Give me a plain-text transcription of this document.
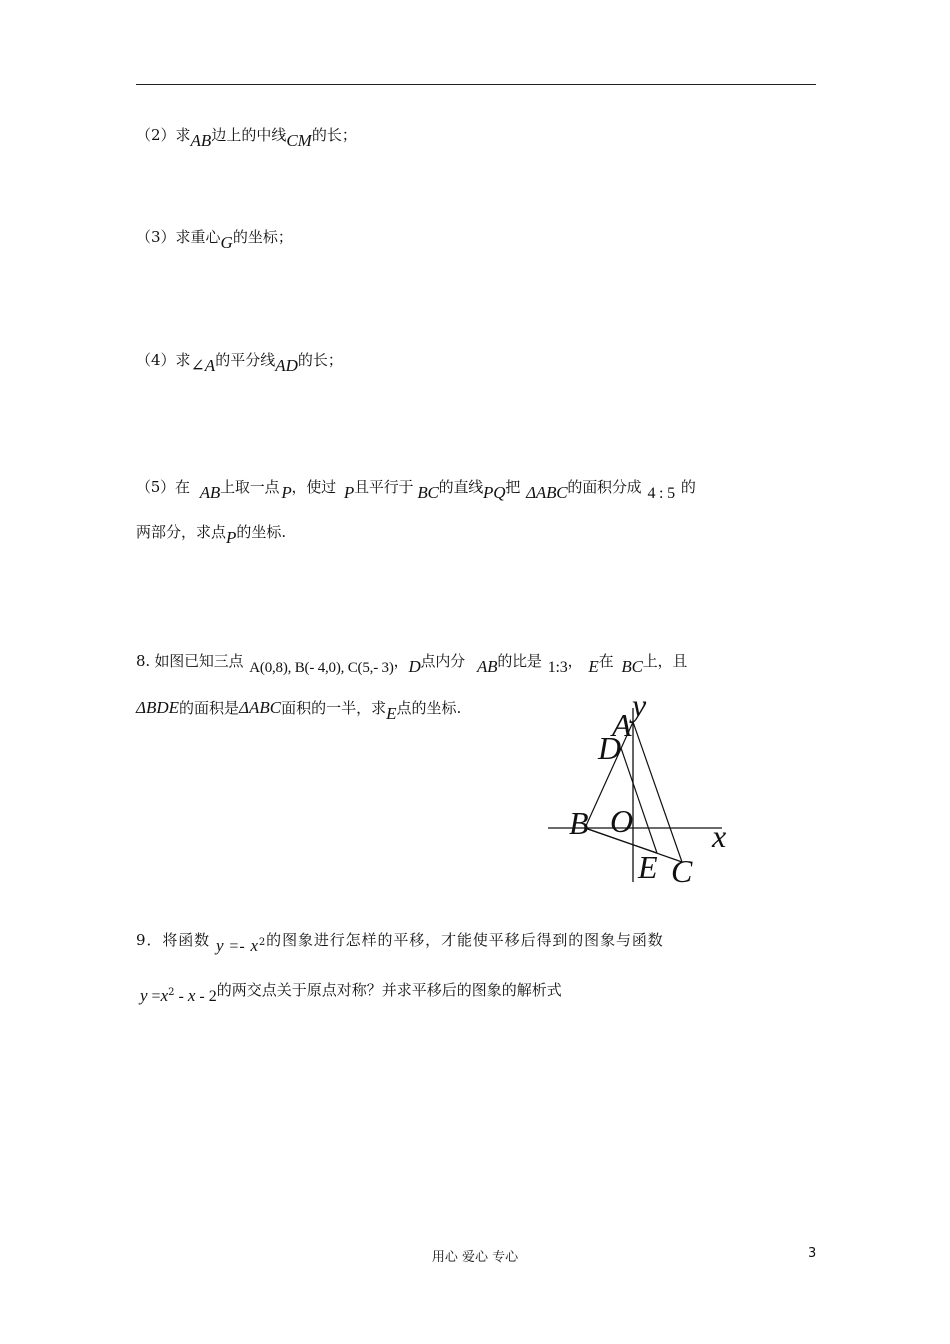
（2）求AB边上的中线CM的长；
（3）求重心G的坐标；
（4）求∠A的平分线AD的长；
（5）在 AB上取一点 P，使过 P且平行于 BC的直线PQ把 ΔABC的面积分成 4 : 5 的
两部分，求点P的坐标.
8. 如图已知三点 A(0,8), B(- 4,0), C(5,- 3)，D点内分 AB的比是 1:3， E在 BC上，且
ΔBDE的面积是ΔABC面积的一半，求E点的坐标.	y
A
D
B O x
E C
9．将函数 $y =- x^2$的图象进行怎样的平移，才能使平移后得到的图象与函数
$y =x^2 - x - 2$的两交点关于原点对称？并求平移后的图象的解析式
用心 爱心 专心	3
